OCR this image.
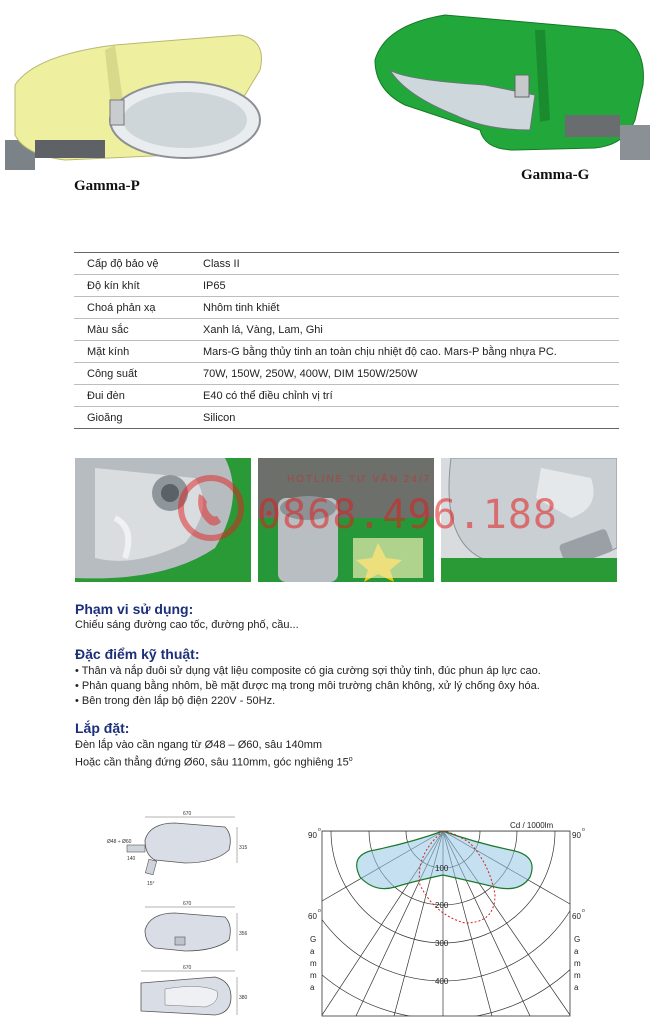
Gamma-P
Gamma-G
Cấp độ bảo vệ	Class II
Độ kín khít	IP65
Choá phản xạ	Nhôm tinh khiết
Màu sắc	Xanh lá, Vàng, Lam, Ghi
Mặt kính	Mars-G bằng thủy tinh an toàn chịu nhiệt độ cao. Mars-P bằng nhựa PC.
Công suất	70W, 150W, 250W, 400W, DIM 150W/250W
Đui đèn	E40 có thể điều chỉnh vị trí
Gioăng	Silicon
HOTLINE TƯ VẤN 24/7
0868.496.188
Phạm vi sử dụng:
Chiếu sáng đường cao tốc, đường phố, cầu...
Đặc điểm kỹ thuật:
• Thân và nắp đuôi sử dụng vật liệu composite có gia cường sợi thủy tinh, đúc phun áp lực cao.
• Phản quang bằng nhôm, bề mặt được mạ trong môi trường chân không, xử lý chống ôxy hóa.
• Bên trong đèn lắp bộ điện 220V - 50Hz.
Lắp đặt:
Đèn lắp vào cần ngang từ Ø48 – Ø60, sâu 140mm
Hoặc cần thẳng đứng Ø60, sâu 110mm, góc nghiêng 15$^o$
670
Ø48 ÷ Ø60
140
15°
315
670
356
670
380
100
200
300
400
Cd / 1000lm
90
o
90
o
60
o
60
o
G
a
m
m
a
G
a
m
m
a
